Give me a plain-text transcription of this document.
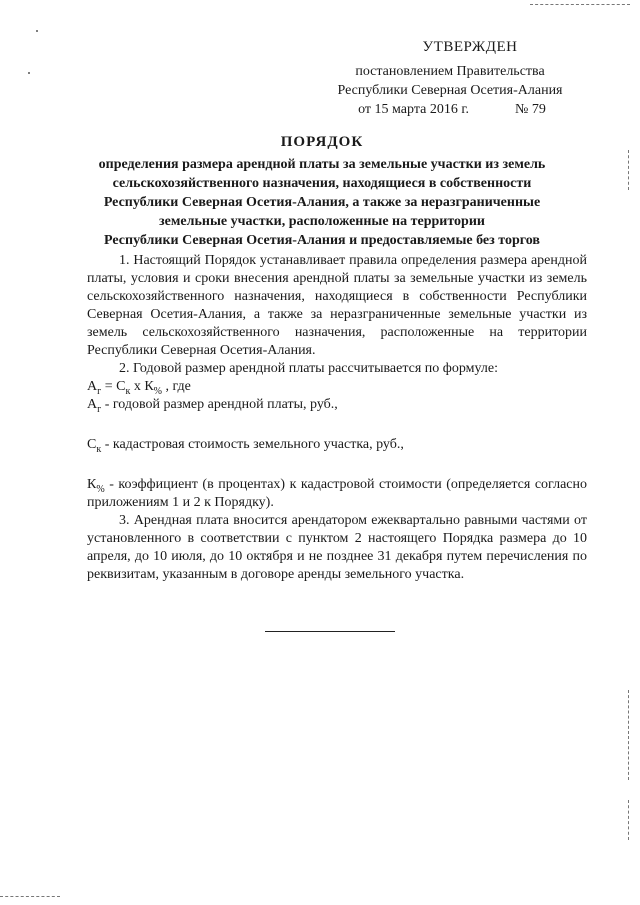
УТВЕРЖДЕН
постановлением Правительства
Республики Северная Осетия-Алания
от 15 марта 2016 г.	№ 79
ПОРЯДОК
определения размера арендной платы за земельные участки из земель
сельскохозяйственного назначения, находящиеся в собственности
Республики Северная Осетия-Алания, а также за неразграниченные
земельные участки, расположенные на территории
Республики Северная Осетия-Алания и предоставляемые без торгов

1. Настоящий Порядок устанавливает правила определения размера арендной платы, условия и сроки внесения арендной платы за земельные участки из земель сельскохозяйственного назначения, находящиеся в собственности Республики Северная Осетия-Алания, а также за неразграниченные земельные участки из земель сельскохозяйственного назначения, расположенные на территории Республики Северная Осетия-Алания.

2. Годовой размер арендной платы рассчитывается по формуле:

$А_г = С_к$ х $К_{\%}$ , где

$А_г$ - годовой размер арендной платы, руб.,

$С_к$ - кадастровая стоимость земельного участка, руб.,

$К_{\%}$ - коэффициент (в процентах) к кадастровой стоимости (определяется согласно приложениям 1 и 2 к Порядку).

3. Арендная плата вносится арендатором ежеквартально равными частями от установленного в соответствии с пунктом 2 настоящего Порядка размера до 10 апреля, до 10 июля, до 10 октября и не позднее 31 декабря путем перечисления по реквизитам, указанным в договоре аренды земельного участка.
